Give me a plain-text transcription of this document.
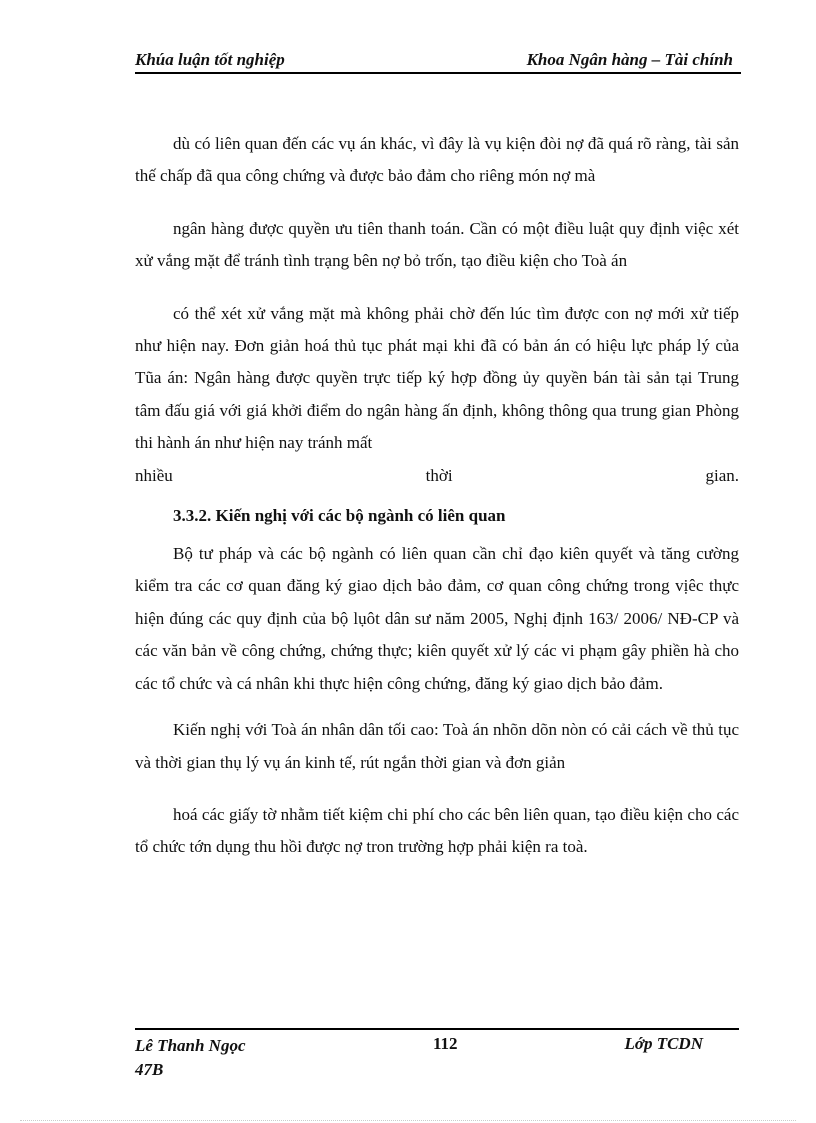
Khúa luận tốt nghiệp	Khoa Ngân hàng – Tài chính

dù có liên quan đến các vụ án khác, vì đây là vụ kiện đòi nợ đã quá rõ ràng, tài sản thế chấp đã qua công chứng và được bảo đảm cho riêng món nợ mà

ngân hàng được quyền ưu tiên thanh toán. Cần có một điều luật quy định việc xét xử vắng mặt để tránh tình trạng bên nợ bỏ trốn, tạo điều kiện cho Toà án

có thể xét xử vắng mặt mà không phải chờ đến lúc tìm được con nợ mới xử tiếp như hiện nay. Đơn giản hoá thủ tục phát mại khi đã có bản án có hiệu lực pháp lý của Tũa án: Ngân hàng được quyền trực tiếp ký hợp đồng ủy quyền bán tài sản tại Trung tâm đấu giá với giá khởi điểm do ngân hàng ấn định, không thông qua trung gian Phòng thi hành án như hiện nay tránh mất

nhiều	thời	gian.
3.3.2. Kiến nghị với các bộ ngành có liên quan

Bộ tư pháp và các bộ ngành có liên quan cần chỉ đạo kiên quyết và tăng cường kiểm tra các cơ quan đăng ký giao dịch bảo đảm, cơ quan công chứng trong vịêc thực hiện đúng các quy định của bộ lụôt dân sư năm 2005, Nghị định 163/ 2006/ NĐ-CP và các văn bản về công chứng, chứng thực; kiên quyết xử lý các vi phạm gây phiền hà cho các tổ chức và cá nhân khi thực hiện công chứng, đăng ký giao dịch bảo đảm.

Kiến nghị với Toà án nhân dân tối cao: Toà án nhõn dõn nòn có cải cách về thủ tục và thời gian thụ lý vụ án kinh tế, rút ngắn thời gian và đơn giản

hoá các giấy tờ nhằm tiết kiệm chi phí cho các bên liên quan, tạo điều kiện cho các tổ chức tớn dụng thu hồi được nợ tron trường hợp phải kiện ra toà.

Lê Thanh Ngọc
47B
112	Lớp TCDN
